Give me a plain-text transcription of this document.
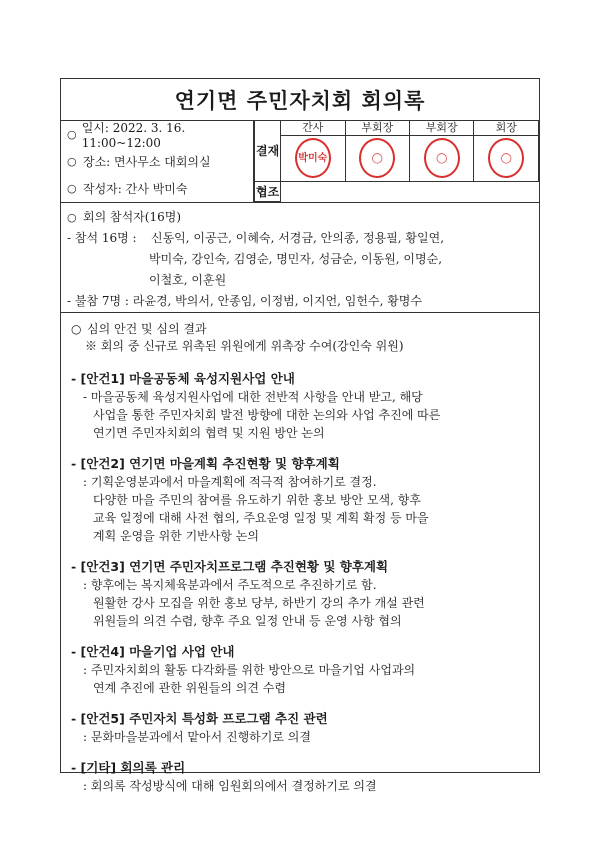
연기면 주민자치회 회의록
○ 일시: 2022. 3. 16. 11:00~12:00
○ 장소: 면사무소 대회의실
○ 작성자: 간사 박미숙
결재	간사	부회장	부회장	회장

	박미숙	◯	◯	◯

협조				
○ 회의 참석자(16명)
- 참석 16명 :	신동익, 이공근, 이혜숙, 서경금, 안의종, 정용필, 황일연,
박미숙, 강인숙, 김영순, 명민자, 성금순, 이동원, 이명순,
이철호, 이훈원
- 불참 7명 : 라윤경, 박의서, 안종임, 이정범, 이지언, 임헌수, 황명수
○ 심의 안건 및 심의 결과
※ 회의 중 신규로 위촉된 위원에게 위촉장 수여(강인숙 위원)
- [안건1] 마을공동체 육성지원사업 안내
- 마을공동체 육성지원사업에 대한 전반적 사항을 안내 받고, 해당
사업을 통한 주민자치회 발전 방향에 대한 논의와 사업 추진에 따른
연기면 주민자치회의 협력 및 지원 방안 논의
- [안건2] 연기면 마을계획 추진현황 및 향후계획
: 기획운영분과에서 마을계획에 적극적 참여하기로 결정.
다양한 마을 주민의 참여를 유도하기 위한 홍보 방안 모색, 향후
교육 일정에 대해 사전 협의, 주요운영 일정 및 계획 확정 등 마을
계획 운영을 위한 기반사항 논의
- [안건3] 연기면 주민자치프로그램 추진현황 및 향후계획
: 향후에는 복지체육분과에서 주도적으로 추진하기로 함.
원활한 강사 모집을 위한 홍보 당부, 하반기 강의 추가 개설 관련
위원들의 의견 수렴, 향후 주요 일정 안내 등 운영 사항 협의
- [안건4] 마을기업 사업 안내
: 주민자치회의 활동 다각화를 위한 방안으로 마을기업 사업과의
연계 추진에 관한 위원들의 의견 수렴
- [안건5] 주민자치 특성화 프로그램 추진 관련
: 문화마을분과에서 맡아서 진행하기로 의결
- [기타] 회의록 관리
: 회의록 작성방식에 대해 임원회의에서 결정하기로 의결
